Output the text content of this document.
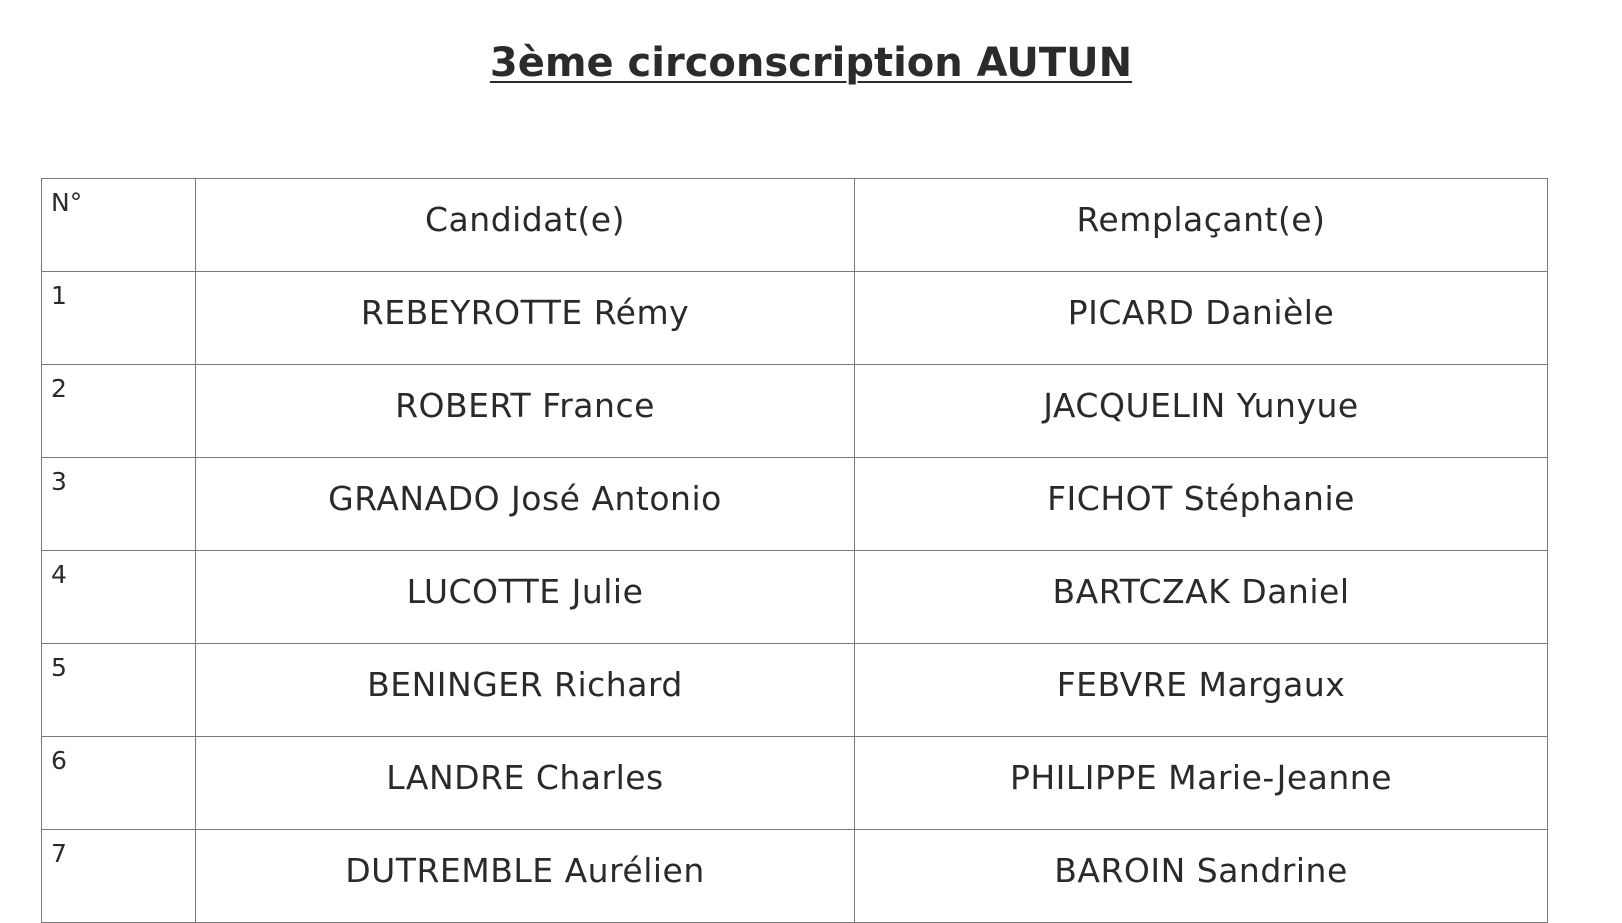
3ème circonscription AUTUN
N°	Candidat(e)	Remplaçant(e)
1	REBEYROTTE Rémy	PICARD Danièle
2	ROBERT France	JACQUELIN Yunyue
3	GRANADO José Antonio	FICHOT Stéphanie
4	LUCOTTE Julie	BARTCZAK Daniel
5	BENINGER Richard	FEBVRE Margaux
6	LANDRE Charles	PHILIPPE Marie-Jeanne
7	DUTREMBLE Aurélien	BAROIN Sandrine
